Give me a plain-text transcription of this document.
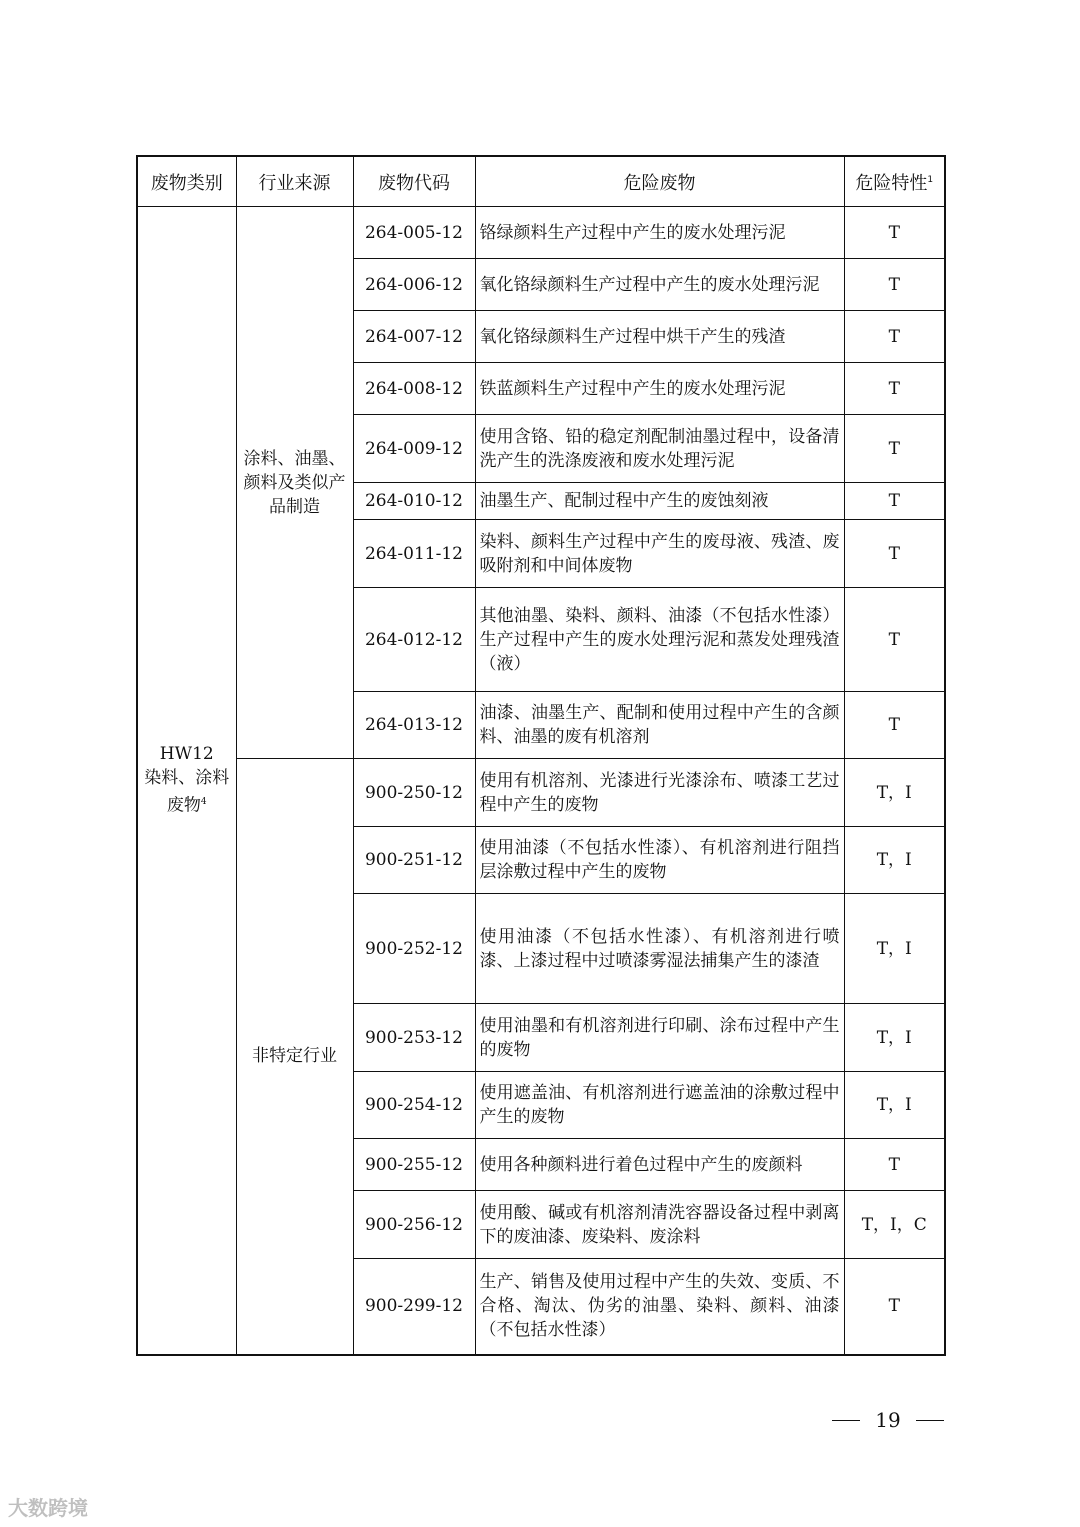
废物类别	行业来源	废物代码	危险废物	危险特性$^1$
HW12
染料、涂料废物$^4$	涂料、油墨、颜料及类似产品制造	264-005-12	铬绿颜料生产过程中产生的废水处理污泥	T
		264-006-12	氧化铬绿颜料生产过程中产生的废水处理污泥	T
		264-007-12	氧化铬绿颜料生产过程中烘干产生的残渣	T
		264-008-12	铁蓝颜料生产过程中产生的废水处理污泥	T
		264-009-12	使用含铬、铅的稳定剂配制油墨过程中，设备清洗产生的洗涤废液和废水处理污泥	T
		264-010-12	油墨生产、配制过程中产生的废蚀刻液	T
		264-011-12	染料、颜料生产过程中产生的废母液、残渣、废吸附剂和中间体废物	T
		264-012-12	其他油墨、染料、颜料、油漆（不包括水性漆）生产过程中产生的废水处理污泥和蒸发处理残渣（液）	T
		264-013-12	油漆、油墨生产、配制和使用过程中产生的含颜料、油墨的废有机溶剂	T
	非特定行业	900-250-12	使用有机溶剂、光漆进行光漆涂布、喷漆工艺过程中产生的废物	T，I
		900-251-12	使用油漆（不包括水性漆）、有机溶剂进行阻挡层涂敷过程中产生的废物	T，I
		900-252-12	使用油漆（不包括水性漆）、有机溶剂进行喷漆、上漆过程中过喷漆雾湿法捕集产生的漆渣	T，I
		900-253-12	使用油墨和有机溶剂进行印刷、涂布过程中产生的废物	T，I
		900-254-12	使用遮盖油、有机溶剂进行遮盖油的涂敷过程中产生的废物	T，I
		900-255-12	使用各种颜料进行着色过程中产生的废颜料	T
		900-256-12	使用酸、碱或有机溶剂清洗容器设备过程中剥离下的废油漆、废染料、废涂料	T，I，C
		900-299-12	生产、销售及使用过程中产生的失效、变质、不合格、淘汰、伪劣的油墨、染料、颜料、油漆（不包括水性漆）	T
19
大数跨境
